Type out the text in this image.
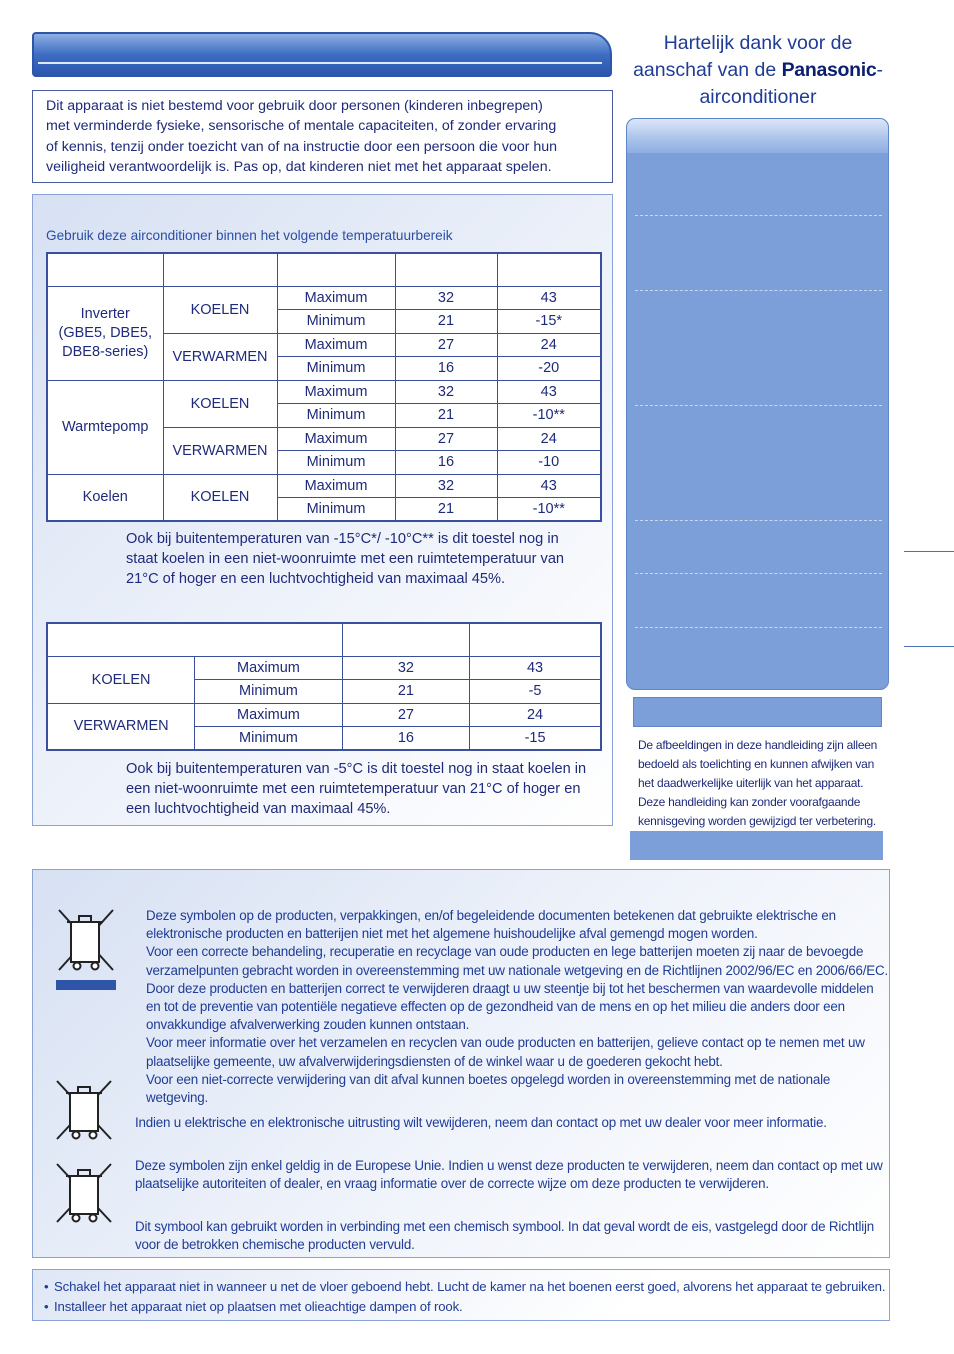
Dit apparaat is niet bestemd voor gebruik door personen (kinderen inbegrepen)
met verminderde fysieke, sensorische of mentale capaciteiten, of zonder ervaring
of kennis, tenzij onder toezicht van of na instructie door een persoon die voor hun
veiligheid verantwoordelijk is. Pas op, dat kinderen niet met het apparaat spelen.
Gebruik deze airconditioner binnen het volgende temperatuurbereik

Inverter
(GBE5, DBE5,
DBE8-series)	KOELEN	Maximum	32	43
		Minimum	21	-15*
	VERWARMEN	Maximum	27	24
		Minimum	16	-20
Warmtepomp	KOELEN	Maximum	32	43
		Minimum	21	-10**
	VERWARMEN	Maximum	27	24
		Minimum	16	-10
Koelen	KOELEN	Maximum	32	43
		Minimum	21	-10**
Ook bij buitentemperaturen van -15°C*/ -10°C** is dit toestel nog in
staat koelen in een niet-woonruimte met een ruimtetemperatuur van
21°C of hoger en een luchtvochtigheid van maximaal 45%.

KOELEN	Maximum	32	43
	Minimum	21	-5
VERWARMEN	Maximum	27	24
	Minimum	16	-15
Ook bij buitentemperaturen van -5°C is dit toestel nog in staat koelen in
een niet-woonruimte met een ruimtetemperatuur van 21°C of hoger en
een luchtvochtigheid van maximaal 45%.
Hartelijk dank voor de
aanschaf van de Panasonic-
airconditioner
De afbeeldingen in deze handleiding zijn alleen
bedoeld als toelichting en kunnen afwijken van
het daadwerkelijke uiterlijk van het apparaat.
Deze handleiding kan zonder voorafgaande
kennisgeving worden gewijzigd ter verbetering.
Deze symbolen op de producten, verpakkingen, en/of begeleidende documenten betekenen dat gebruikte elektrische en
elektronische producten en batterijen niet met het algemene huishoudelijke afval gemengd mogen worden.
Voor een correcte behandeling, recuperatie en recyclage van oude producten en lege batterijen moeten zij naar de bevoegde
verzamelpunten gebracht worden in overeenstemming met uw nationale wetgeving en de Richtlijnen 2002/96/EC en 2006/66/EC.
Door deze producten en batterijen correct te verwijderen draagt u uw steentje bij tot het beschermen van waardevolle middelen
en tot de preventie van potentiële negatieve effecten op de gezondheid van de mens en op het milieu die anders door een
onvakkundige afvalverwerking zouden kunnen ontstaan.
Voor meer informatie over het verzamelen en recyclen van oude producten en batterijen, gelieve contact op te nemen met uw
plaatselijke gemeente, uw afvalverwijderingsdiensten of de winkel waar u de goederen gekocht hebt.
Voor een niet-correcte verwijdering van dit afval kunnen boetes opgelegd worden in overeenstemming met de nationale wetgeving.
Indien u elektrische en elektronische uitrusting wilt vewijderen, neem dan contact op met uw dealer voor meer informatie.
Deze symbolen zijn enkel geldig in de Europese Unie. Indien u wenst deze producten te verwijderen, neem dan contact op met uw
plaatselijke autoriteiten of dealer, en vraag informatie over de correcte wijze om deze producten te verwijderen.
Dit symbool kan gebruikt worden in verbinding met een chemisch symbool. In dat geval wordt de eis, vastgelegd door de Richtlijn
voor de betrokken chemische producten vervuld.
• Schakel het apparaat niet in wanneer u net de vloer geboend hebt. Lucht de kamer na het boenen eerst goed, alvorens het apparaat te gebruiken.
• Installeer het apparaat niet op plaatsen met olieachtige dampen of rook.
